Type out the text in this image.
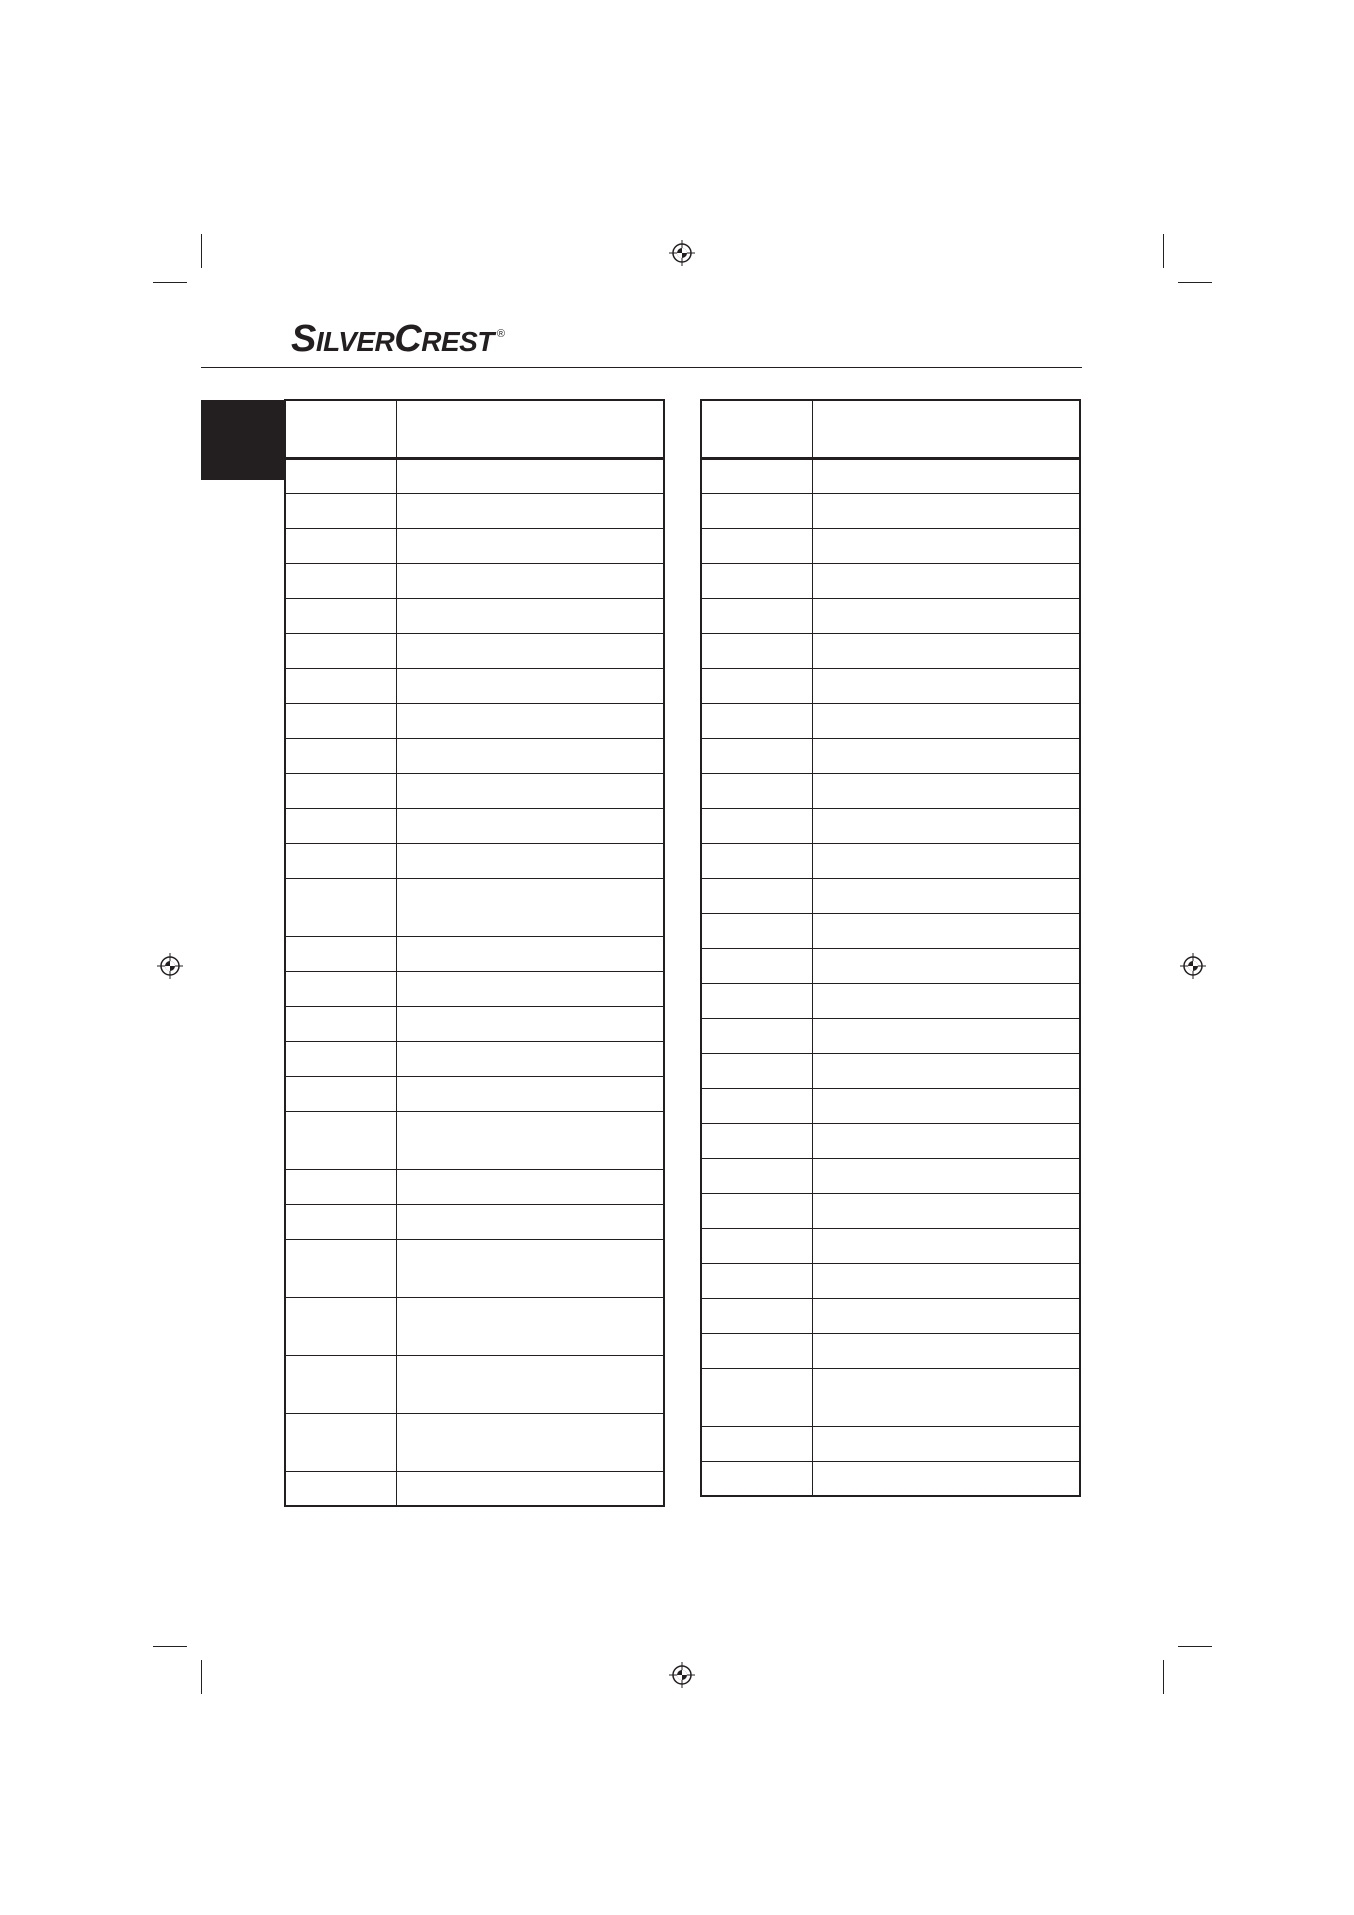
S ILVER C REST ®
